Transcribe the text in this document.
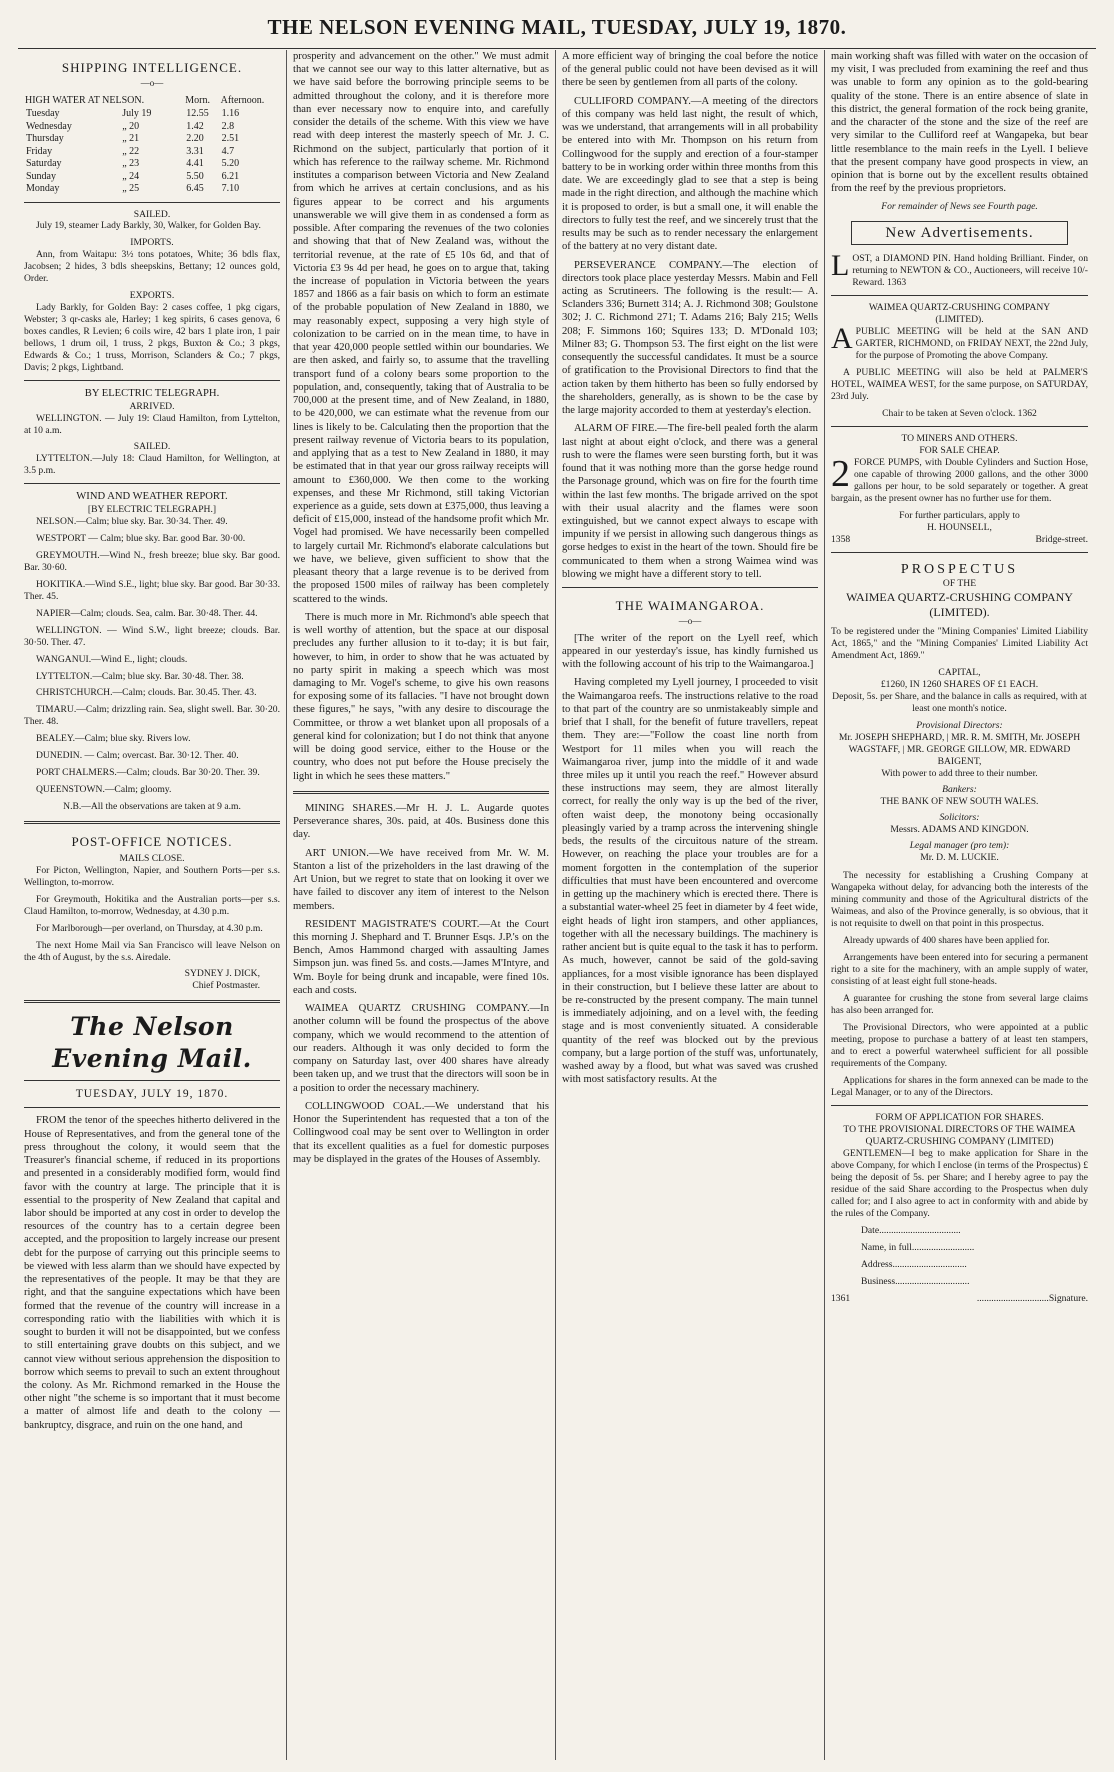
THE NELSON EVENING MAIL, TUESDAY, JULY 19, 1870.
SHIPPING INTELLIGENCE.
—o—
HIGH WATER AT NELSON.		Morn.	Afternoon.
Tuesday	July 19	12.55	1.16
Wednesday	„ 20	1.42	2.8
Thursday	„ 21	2.20	2.51
Friday	„ 22	3.31	4.7
Saturday	„ 23	4.41	5.20
Sunday	„ 24	5.50	6.21
Monday	„ 25	6.45	7.10
SAILED.

July 19, steamer Lady Barkly, 30, Walker, for Golden Bay.

IMPORTS.

Ann, from Waitapu: 3½ tons potatoes, White; 36 bdls flax, Jacobsen; 2 hides, 3 bdls sheepskins, Bettany; 12 ounces gold, Order.

EXPORTS.

Lady Barkly, for Golden Bay: 2 cases coffee, 1 pkg cigars, Webster; 3 qr-casks ale, Harley; 1 keg spirits, 6 cases genova, 6 boxes candles, R Levien; 6 coils wire, 42 bars 1 plate iron, 1 pair bellows, 1 drum oil, 1 truss, 2 pkgs, Buxton & Co.; 3 pkgs, Edwards & Co.; 1 truss, Morrison, Sclanders & Co.; 7 pkgs, Davis; 2 pkgs, Lightband.

BY ELECTRIC TELEGRAPH.
ARRIVED.

WELLINGTON. — July 19: Claud Hamilton, from Lyttelton, at 10 a.m.

SAILED.

LYTTELTON.—July 18: Claud Hamilton, for Wellington, at 3.5 p.m.

WIND AND WEATHER REPORT.
[BY ELECTRIC TELEGRAPH.]

NELSON.—Calm; blue sky. Bar. 30·34. Ther. 49.

WESTPORT — Calm; blue sky. Bar. good Bar. 30·00.

GREYMOUTH.—Wind N., fresh breeze; blue sky. Bar good. Bar. 30·60.

HOKITIKA.—Wind S.E., light; blue sky. Bar good. Bar 30·33. Ther. 45.

NAPIER—Calm; clouds. Sea, calm. Bar. 30·48. Ther. 44.

WELLINGTON. — Wind S.W., light breeze; clouds. Bar. 30·50. Ther. 47.

WANGANUI.—Wind E., light; clouds.

LYTTELTON.—Calm; blue sky. Bar. 30·48. Ther. 38.

CHRISTCHURCH.—Calm; clouds. Bar. 30.45. Ther. 43.

TIMARU.—Calm; drizzling rain. Sea, slight swell. Bar. 30·20. Ther. 48.

BEALEY.—Calm; blue sky. Rivers low.

DUNEDIN. — Calm; overcast. Bar. 30·12. Ther. 40.

PORT CHALMERS.—Calm; clouds. Bar 30·20. Ther. 39.

QUEENSTOWN.—Calm; gloomy.

N.B.—All the observations are taken at 9 a.m.
POST-OFFICE NOTICES.
MAILS CLOSE.

For Picton, Wellington, Napier, and Southern Ports—per s.s. Wellington, to-morrow.

For Greymouth, Hokitika and the Australian ports—per s.s. Claud Hamilton, to-morrow, Wednesday, at 4.30 p.m.

For Marlborough—per overland, on Thursday, at 4.30 p.m.

The next Home Mail via San Francisco will leave Nelson on the 4th of August, by the s.s. Airedale.

SYDNEY J. DICK,
Chief Postmaster.
The Nelson Evening Mail.
TUESDAY, JULY 19, 1870.

FROM the tenor of the speeches hitherto delivered in the House of Representatives, and from the general tone of the press throughout the colony, it would seem that the Treasurer's financial scheme, if reduced in its proportions and presented in a considerably modified form, would find favor with the country at large. The principle that it is essential to the prosperity of New Zealand that capital and labor should be imported at any cost in order to develop the resources of the country has to a certain degree been accepted, and the proposition to largely increase our present debt for the purpose of carrying out this principle seems to be viewed with less alarm than we should have expected by the representatives of the people. It may be that they are right, and that the sanguine expectations which have been formed that the revenue of the country will increase in a corresponding ratio with the liabilities with which it is sought to burden it will not be disappointed, but we confess to still entertaining grave doubts on this subject, and we cannot view without serious apprehension the disposition to borrow which seems to prevail to such an extent throughout the colony. As Mr. Richmond remarked in the House the other night "the scheme is so important that it must become a matter of almost life and death to the colony — bankruptcy, disgrace, and ruin on the one hand, and

prosperity and advancement on the other." We must admit that we cannot see our way to this latter alternative, but as we have said before the borrowing principle seems to be admitted throughout the colony, and it is therefore more than ever necessary now to enquire into, and carefully consider the details of the scheme. With this view we have read with deep interest the masterly speech of Mr. J. C. Richmond on the subject, particularly that portion of it which has reference to the railway scheme. Mr. Richmond institutes a comparison between Victoria and New Zealand from which he arrives at certain conclusions, and as his figures appear to be correct and his arguments unanswerable we will give them in as condensed a form as possible. After comparing the revenues of the two colonies and showing that that of New Zealand was, without the territorial revenue, at the rate of £5 10s 6d, and that of Victoria £3 9s 4d per head, he goes on to argue that, taking the increase of population in Victoria between the years 1857 and 1866 as a fair basis on which to form an estimate of the probable population of New Zealand in 1880, we may reasonably expect, supposing a very high style of colonization to be carried on in the mean time, to have in that year 420,000 people settled within our boundaries. We are then asked, and fairly so, to assume that the travelling transport fund of a colony bears some proportion to the population, and, consequently, taking that of Australia to be 700,000 at the present time, and of New Zealand, in 1880, to be 420,000, we can estimate what the revenue from our lines is likely to be. Calculating then the proportion that the present railway revenue of Victoria bears to its population, and applying that as a test to New Zealand in 1880, it may be estimated that in that year our gross railway receipts will amount to £360,000. We then come to the working expenses, and these Mr Richmond, still taking Victorian experience as a guide, sets down at £375,000, thus leaving a deficit of £15,000, instead of the handsome profit which Mr. Vogel had promised. We have necessarily been compelled to largely curtail Mr. Richmond's elaborate calculations but we have, we believe, given sufficient to show that the pleasant theory that a large revenue is to be derived from the proposed 1500 miles of railway has been completely scattered to the winds.

There is much more in Mr. Richmond's able speech that is well worthy of attention, but the space at our disposal precludes any further allusion to it to-day; it is but fair, however, to him, in order to show that he was actuated by no party spirit in making a speech which was most damaging to Mr. Vogel's scheme, to give his own reasons for exposing some of its fallacies. "I have not brought down these figures," he says, "with any desire to discourage the Committee, or throw a wet blanket upon all proposals of a general kind for colonization; but I do not think that anyone will be doing good service, either to the House or the country, who does not put before the House precisely the light in which he sees these matters."

MINING SHARES.—Mr H. J. L. Augarde quotes Perseverance shares, 30s. paid, at 40s. Business done this day.

ART UNION.—We have received from Mr. W. M. Stanton a list of the prizeholders in the last drawing of the Art Union, but we regret to state that on looking it over we have failed to discover any item of interest to the Nelson members.

RESIDENT MAGISTRATE'S COURT.—At the Court this morning J. Shephard and T. Brunner Esqs. J.P.'s on the Bench, Amos Hammond charged with assaulting James Simpson jun. was fined 5s. and costs.—James M'Intyre, and Wm. Boyle for being drunk and incapable, were fined 10s. each and costs.

WAIMEA QUARTZ CRUSHING COMPANY.—In another column will be found the prospectus of the above company, which we would recommend to the attention of our readers. Although it was only decided to form the company on Saturday last, over 400 shares have already been taken up, and we trust that the directors will soon be in a position to order the necessary machinery.

COLLINGWOOD COAL.—We understand that his Honor the Superintendent has requested that a ton of the Collingwood coal may be sent over to Wellington in order that its excellent qualities as a fuel for domestic purposes may be displayed in the grates of the Houses of Assembly.

A more efficient way of bringing the coal before the notice of the general public could not have been devised as it will there be seen by gentlemen from all parts of the colony.

CULLIFORD COMPANY.—A meeting of the directors of this company was held last night, the result of which, was we understand, that arrangements will in all probability be entered into with Mr. Thompson on his return from Collingwood for the supply and erection of a four-stamper battery to be in working order within three months from this date. We are exceedingly glad to see that a step is being made in the right direction, and although the machine which it is proposed to order, is but a small one, it will enable the directors to fully test the reef, and we sincerely trust that the results may be such as to render necessary the enlargement of the battery at no very distant date.

PERSEVERANCE COMPANY.—The election of directors took place place yesterday Messrs. Mabin and Fell acting as Scrutineers. The following is the result:— A. Sclanders 336; Burnett 314; A. J. Richmond 308; Goulstone 302; J. C. Richmond 271; T. Adams 216; Baly 215; Wells 208; F. Simmons 160; Squires 133; D. M'Donald 103; Milner 83; G. Thompson 53. The first eight on the list were consequently the successful candidates. It must be a source of gratification to the Provisional Directors to find that the action taken by them hitherto has been so fully endorsed by the shareholders, generally, as is shown to be the case by the large majority accorded to them at yesterday's election.

ALARM OF FIRE.—The fire-bell pealed forth the alarm last night at about eight o'clock, and there was a general rush to were the flames were seen bursting forth, but it was found that it was nothing more than the gorse hedge round the Parsonage ground, which was on fire for the fourth time within the last few months. The brigade arrived on the spot with their usual alacrity and the flames were soon extinguished, but we cannot expect always to escape with impunity if we persist in allowing such dangerous things as gorse hedges to exist in the heart of the town. Should fire be communicated to them when a strong Waimea wind was blowing we might have a different story to tell.

THE WAIMANGAROA.
—o—

[The writer of the report on the Lyell reef, which appeared in our yesterday's issue, has kindly furnished us with the following account of his trip to the Waimangaroa.]

Having completed my Lyell journey, I proceeded to visit the Waimangaroa reefs. The instructions relative to the road to that part of the country are so unmistakeably simple and brief that I shall, for the benefit of future travellers, repeat them. They are:—"Follow the coast line north from Westport for 11 miles when you will reach the Waimangaroa river, jump into the middle of it and wade three miles up it until you reach the reef." However absurd these instructions may seem, they are almost literally correct, for really the only way is up the bed of the river, often waist deep, the monotony being occasionally pleasingly varied by a tramp across the intervening shingle beds, the results of the circuitous nature of the stream. However, on reaching the place your troubles are for a moment forgotten in the contemplation of the superior difficulties that must have been encountered and overcome in getting up the machinery which is erected there. There is a substantial water-wheel 25 feet in diameter by 4 feet wide, eight heads of light iron stampers, and other appliances, together with all the necessary buildings. The machinery is rather ancient but is quite equal to the task it has to perform. As much, however, cannot be said of the gold-saving appliances, for a most visible ignorance has been displayed in their construction, but I believe these latter are about to be re-constructed by the present company. The main tunnel is immediately adjoining, and on a level with, the feeding stage and is most conveniently situated. A considerable quantity of the reef was blocked out by the previous company, but a large portion of the stuff was, unfortunately, washed away by a flood, but what was saved was crushed with most satisfactory results. At the

main working shaft was filled with water on the occasion of my visit, I was precluded from examining the reef and thus was unable to form any opinion as to the gold-bearing quality of the stone. There is an entire absence of slate in this district, the general formation of the rock being granite, and the character of the stone and the size of the reef are very similar to the Culliford reef at Wangapeka, but bear little resemblance to the main reefs in the Lyell. I believe that the present company have good prospects in view, an opinion that is borne out by the excellent results obtained from the reef by the previous proprietors.

For remainder of News see Fourth page.
New Advertisements.

LOST, a DIAMOND PIN. Hand holding Brilliant. Finder, on returning to NEWTON & CO., Auctioneers, will receive 10/- Reward. 1363

WAIMEA QUARTZ-CRUSHING COMPANY
(LIMITED).

APUBLIC MEETING will be held at the SAN AND GARTER, RICHMOND, on FRIDAY NEXT, the 22nd July, for the purpose of Promoting the above Company.

A PUBLIC MEETING will also be held at PALMER'S HOTEL, WAIMEA WEST, for the same purpose, on SATURDAY, 23rd July.

Chair to be taken at Seven o'clock. 1362
TO MINERS AND OTHERS.
FOR SALE CHEAP.

2 FORCE PUMPS, with Double Cylinders and Suction Hose, one capable of throwing 2000 gallons, and the other 3000 gallons per hour, to be sold separately or together. A great bargain, as the present owner has no further use for them.

For further particulars, apply to
H. HOUNSELL,
1358	Bridge-street.
PROSPECTUS
OF THE
WAIMEA QUARTZ-CRUSHING COMPANY (LIMITED).

To be registered under the "Mining Companies' Limited Liability Act, 1865," and the "Mining Companies' Limited Liability Act Amendment Act, 1869."

CAPITAL,
£1260, IN 1260 SHARES OF £1 EACH.

Deposit, 5s. per Share, and the balance in calls as required, with at least one month's notice.

Provisional Directors:
Mr. JOSEPH SHEPHARD, | MR. R. M. SMITH, Mr. JOSEPH WAGSTAFF, | MR. GEORGE GILLOW, MR. EDWARD BAIGENT,
With power to add three to their number.
Bankers:
THE BANK OF NEW SOUTH WALES.
Solicitors:
Messrs. ADAMS AND KINGDON.
Legal manager (pro tem):
Mr. D. M. LUCKIE.

The necessity for establishing a Crushing Company at Wangapeka without delay, for advancing both the interests of the mining community and those of the Agricultural districts of the Waimeas, and also of the Province generally, is so obvious, that it is not requisite to dwell on that point in this prospectus.

Already upwards of 400 shares have been applied for.

Arrangements have been entered into for securing a permanent right to a site for the machinery, with an ample supply of water, consisting of at least eight full stone-heads.

A guarantee for crushing the stone from several large claims has also been arranged for.

The Provisional Directors, who were appointed at a public meeting, propose to purchase a battery of at least ten stampers, and to erect a powerful waterwheel sufficient for all possible requirements of the Company.

Applications for shares in the form annexed can be made to the Legal Manager, or to any of the Directors.

FORM OF APPLICATION FOR SHARES.
TO THE PROVISIONAL DIRECTORS OF THE WAIMEA QUARTZ-CRUSHING COMPANY (LIMITED)

GENTLEMEN—I beg to make application for Share in the above Company, for which I enclose (in terms of the Prospectus) £ being the deposit of 5s. per Share; and I hereby agree to pay the residue of the said Share according to the Prospectus when duly called for; and I also agree to act in conformity with and abide by the rules of the Company.

Date..................................

Name, in full..........................

Address...............................

Business...............................

1361	..............................Signature.
